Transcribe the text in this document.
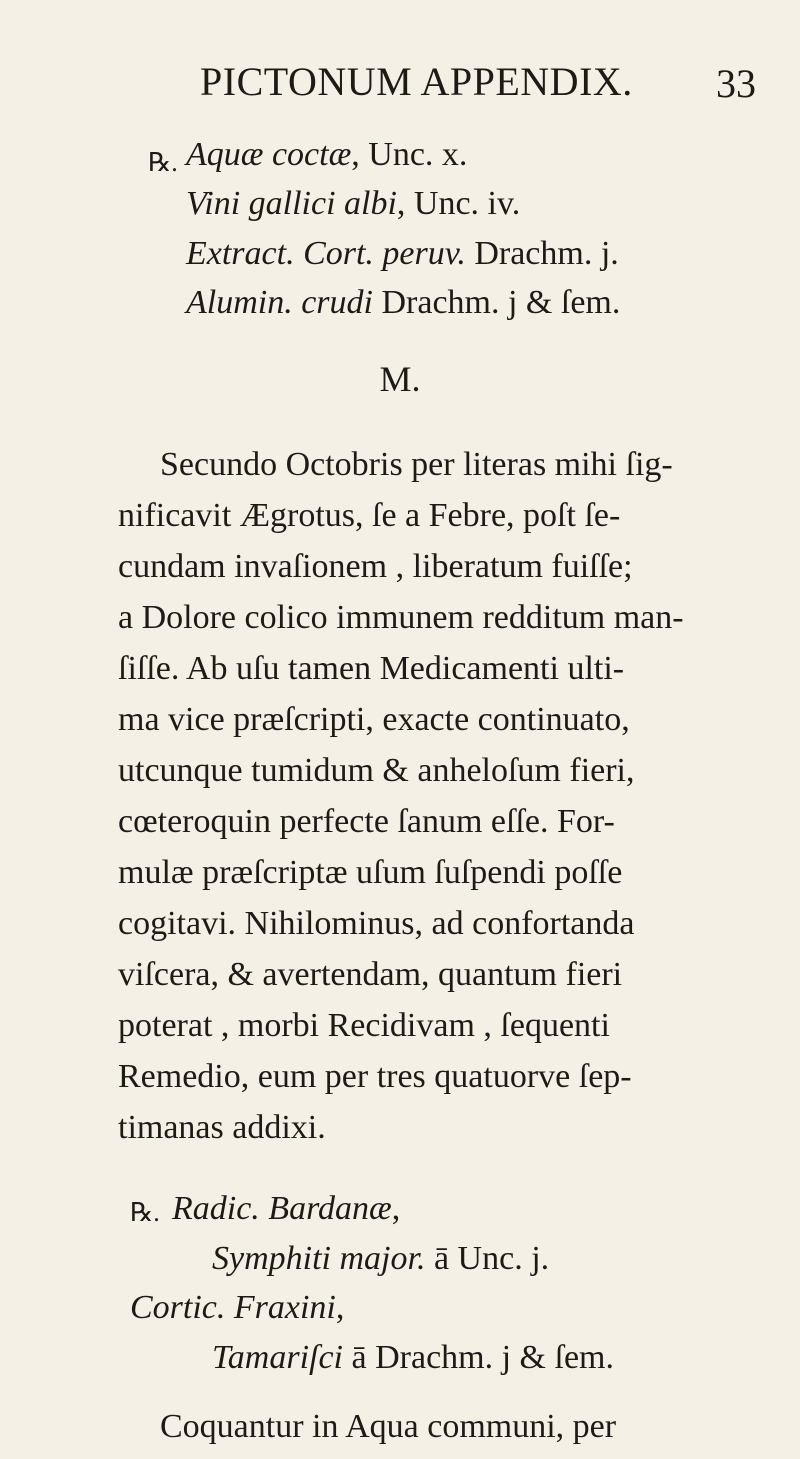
PICTONUM APPENDIX. 33
℞. Aquæ coctæ, Unc. x.
Vini gallici albi, Unc. iv.
Extract. Cort. peruv. Drachm. j.
Alumin. crudi Drachm. j & ſem.
M.
Secundo Octobris per literas mihi ſig-
nificavit Ægrotus, ſe a Febre, poſt ſe-
cundam invaſionem , liberatum fuiſſe;
a Dolore colico immunem redditum man-
ſiſſe. Ab uſu tamen Medicamenti ulti-
ma vice præſcripti, exacte continuato,
utcunque tumidum & anheloſum fieri,
cœteroquin perfecte ſanum eſſe. For-
mulæ præſcriptæ uſum ſuſpendi poſſe
cogitavi. Nihilominus, ad confortanda
viſcera, & avertendam, quantum fieri
poterat , morbi Recidivam , ſequenti
Remedio, eum per tres quatuorve ſep-
timanas addixi.
℞. Radic. Bardanæ,
Symphiti major. ā Unc. j.
Cortic. Fraxini,
Tamariſci ā Drachm. j & ſem.
Coquantur in Aqua communi, per
